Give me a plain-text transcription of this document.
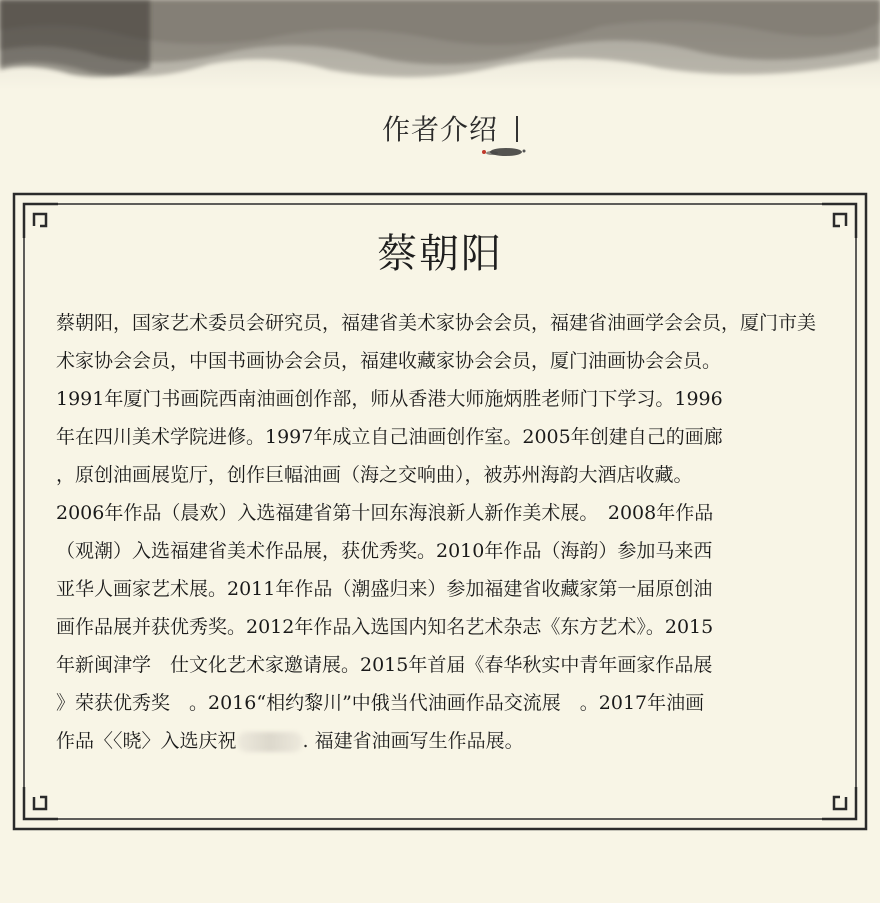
作者介绍
蔡朝阳

蔡朝阳，国家艺术委员会研究员，福建省美术家协会会员，福建省油画学会会员，厦门市美术家协会会员，中国书画协会会员，福建收藏家协会会员，厦门油画协会会员。

1991年厦门书画院西南油画创作部，师从香港大师施炳胜老师门下学习。1996

年在四川美术学院进修。1997年成立自己油画创作室。2005年创建自己的画廊

，原创油画展览厅，创作巨幅油画（海之交响曲），被苏州海韵大酒店收藏。

2006年作品（晨欢）入选福建省第十回东海浪新人新作美术展。　2008年作品

（观潮）入选福建省美术作品展，获优秀奖。2010年作品（海韵）参加马来西

亚华人画家艺术展。2011年作品（潮盛归来）参加福建省收藏家第一届原创油

画作品展并获优秀奖。2012年作品入选国内知名艺术杂志《东方艺术》。2015

年新闽津学　仕文化艺术家邀请展。2015年首届《春华秋实中青年画家作品展

》荣获优秀奖　。2016“相约黎川”中俄当代油画作品交流展　。2017年油画

作品〈〈晓〉入选庆祝	. 福建省油画写生作品展。
